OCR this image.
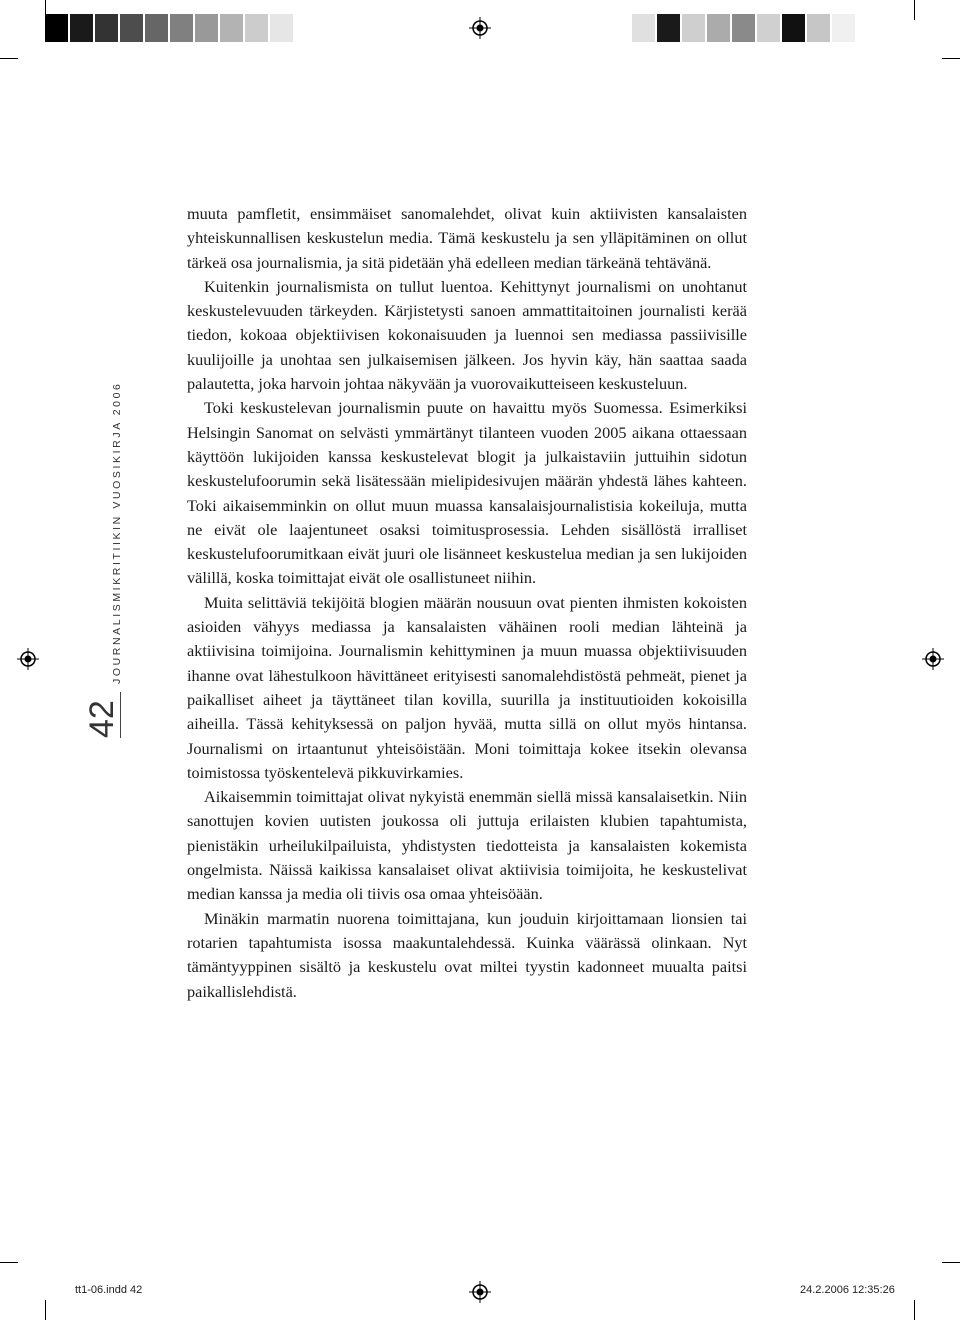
JOURNALISMIKRITIIKIN VUOSIKIRJA 2006
42

muuta pamfletit, ensimmäiset sanomalehdet, olivat kuin aktiivisten kansalaisten yhteiskunnallisen keskustelun media. Tämä keskustelu ja sen ylläpitäminen on ollut tärkeä osa journalismia, ja sitä pidetään yhä edelleen median tärkeänä tehtävänä.

Kuitenkin journalismista on tullut luentoa. Kehittynyt journalismi on unohtanut keskustelevuuden tärkeyden. Kärjistetysti sanoen ammattitaitoinen journalisti kerää tiedon, kokoaa objektiivisen kokonaisuuden ja luennoi sen mediassa passiivisille kuulijoille ja unohtaa sen julkaisemisen jälkeen. Jos hyvin käy, hän saattaa saada palautetta, joka harvoin johtaa näkyvään ja vuorovaikutteiseen keskusteluun.

Toki keskustelevan journalismin puute on havaittu myös Suomessa. Esimerkiksi Helsingin Sanomat on selvästi ymmärtänyt tilanteen vuoden 2005 aikana ottaessaan käyttöön lukijoiden kanssa keskustelevat blogit ja julkaistaviin juttuihin sidotun keskustelufoorumin sekä lisätessään mielipidesivujen määrän yhdestä lähes kahteen. Toki aikaisemminkin on ollut muun muassa kansalaisjournalistisia kokeiluja, mutta ne eivät ole laajentuneet osaksi toimitusprosessia. Lehden sisällöstä irralliset keskustelufoorumitkaan eivät juuri ole lisänneet keskustelua median ja sen lukijoiden välillä, koska toimittajat eivät ole osallistuneet niihin.

Muita selittäviä tekijöitä blogien määrän nousuun ovat pienten ihmisten kokoisten asioiden vähyys mediassa ja kansalaisten vähäinen rooli median lähteinä ja aktiivisina toimijoina. Journalismin kehittyminen ja muun muassa objektiivisuuden ihanne ovat lähestulkoon hävittäneet erityisesti sanomalehdistöstä pehmeät, pienet ja paikalliset aiheet ja täyttäneet tilan kovilla, suurilla ja instituutioiden kokoisilla aiheilla. Tässä kehityksessä on paljon hyvää, mutta sillä on ollut myös hintansa. Journalismi on irtaantunut yhteisöistään. Moni toimittaja kokee itsekin olevansa toimistossa työskentelevä pikkuvirkamies.

Aikaisemmin toimittajat olivat nykyistä enemmän siellä missä kansalaisetkin. Niin sanottujen kovien uutisten joukossa oli juttuja erilaisten klubien tapahtumista, pienistäkin urheilukilpailuista, yhdistysten tiedotteista ja kansalaisten kokemista ongelmista. Näissä kaikissa kansalaiset olivat aktiivisia toimijoita, he keskustelivat median kanssa ja media oli tiivis osa omaa yhteisöään.

Minäkin marmatin nuorena toimittajana, kun jouduin kirjoittamaan lionsien tai rotarien tapahtumista isossa maakuntalehdessä. Kuinka väärässä olinkaan. Nyt tämäntyyppinen sisältö ja keskustelu ovat miltei tyystin kadonneet muualta paitsi paikallislehdistä.

tt1-06.indd 42	24.2.2006 12:35:26
